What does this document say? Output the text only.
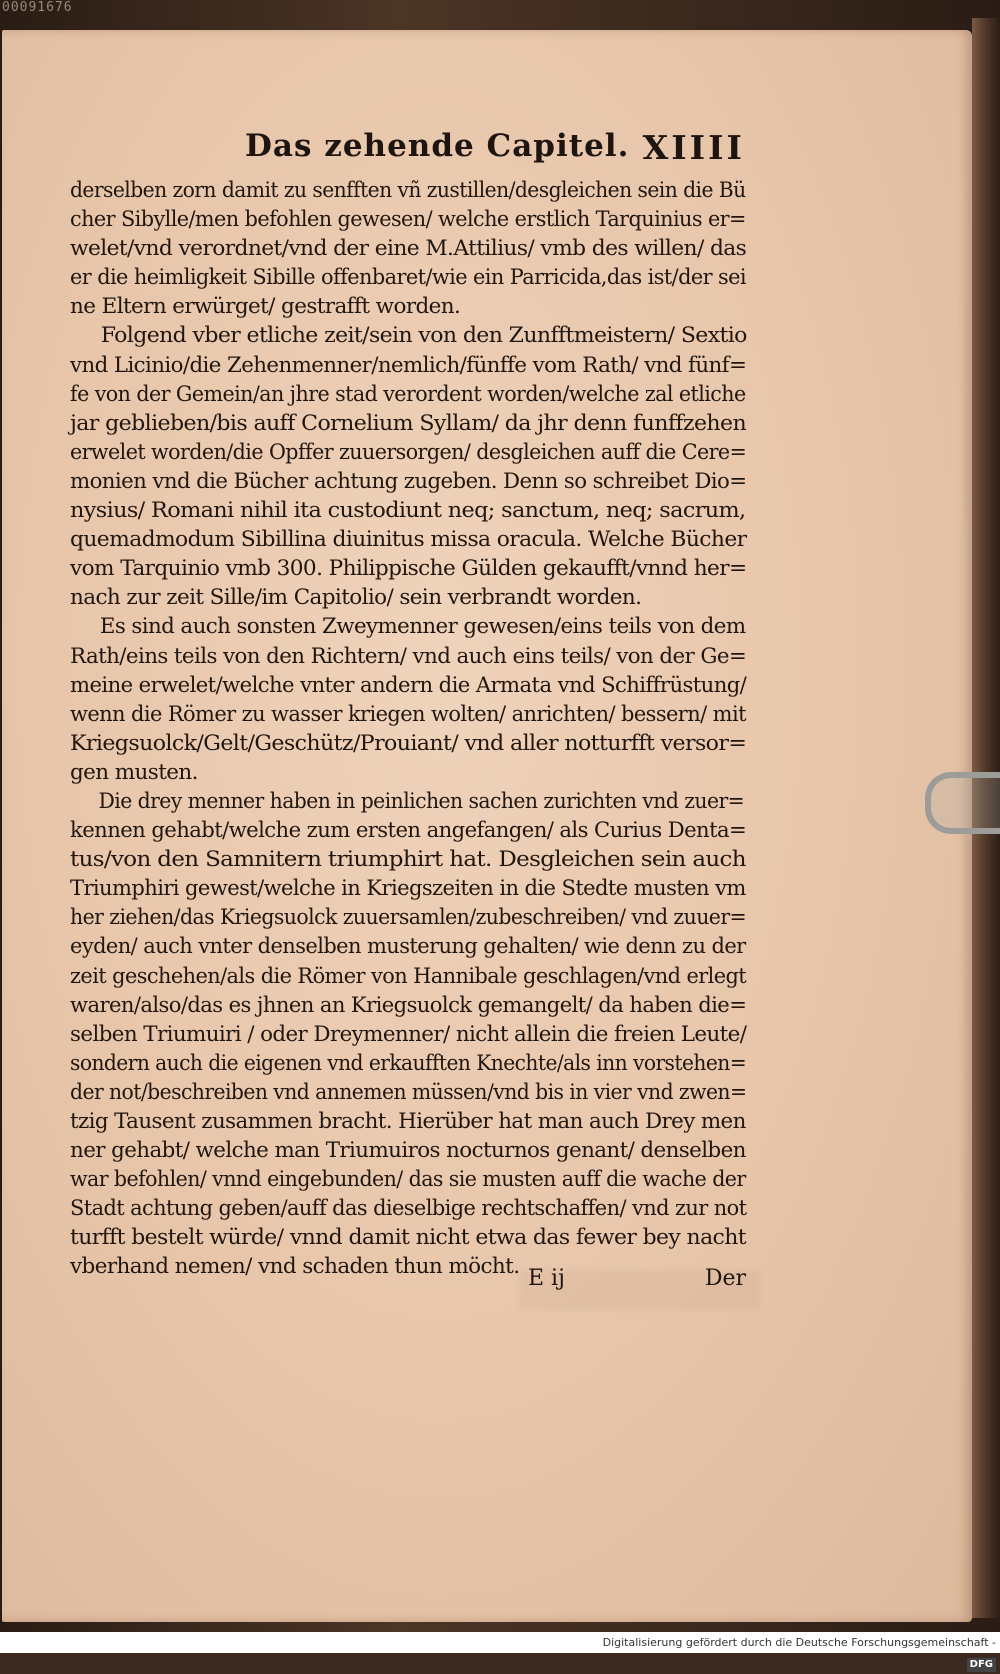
00091676
Das zehende Capitel. XIIII
derselben zorn damit zu senfften vñ zustillen/desgleichen sein die Bü
cher Sibylle/men befohlen gewesen/ welche erstlich Tarquinius er=
welet/vnd verordnet/vnd der eine M.Attilius/ vmb des willen/ das
er die heimligkeit Sibille offenbaret/wie ein Parricida,das ist/der sei
ne Eltern erwürget/ gestrafft worden.
Folgend vber etliche zeit/sein von den Zunfftmeistern/ Sextio
vnd Licinio/die Zehenmenner/nemlich/fünffe vom Rath/ vnd fünf=
fe von der Gemein/an jhre stad verordent worden/welche zal etliche
jar geblieben/bis auff Cornelium Syllam/ da jhr denn funffzehen
erwelet worden/die Opffer zuuersorgen/ desgleichen auff die Cere=
monien vnd die Bücher achtung zugeben. Denn so schreibet Dio=
nysius/ Romani nihil ita custodiunt neq; sanctum, neq; sacrum,
quemadmodum Sibillina diuinitus missa oracula. Welche Bücher
vom Tarquinio vmb 300. Philippische Gülden gekaufft/vnnd her=
nach zur zeit Sille/im Capitolio/ sein verbrandt worden.
Es sind auch sonsten Zweymenner gewesen/eins teils von dem
Rath/eins teils von den Richtern/ vnd auch eins teils/ von der Ge=
meine erwelet/welche vnter andern die Armata vnd Schiffrüstung/
wenn die Römer zu wasser kriegen wolten/ anrichten/ bessern/ mit
Kriegsuolck/Gelt/Geschütz/Prouiant/ vnd aller notturfft versor=
gen musten.
Die drey menner haben in peinlichen sachen zurichten vnd zuer=
kennen gehabt/welche zum ersten angefangen/ als Curius Denta=
tus/von den Samnitern triumphirt hat. Desgleichen sein auch
Triumphiri gewest/welche in Kriegszeiten in die Stedte musten vm
her ziehen/das Kriegsuolck zuuersamlen/zubeschreiben/ vnd zuuer=
eyden/ auch vnter denselben musterung gehalten/ wie denn zu der
zeit geschehen/als die Römer von Hannibale geschlagen/vnd erlegt
waren/also/das es jhnen an Kriegsuolck gemangelt/ da haben die=
selben Triumuiri / oder Dreymenner/ nicht allein die freien Leute/
sondern auch die eigenen vnd erkaufften Knechte/als inn vorstehen=
der not/beschreiben vnd annemen müssen/vnd bis in vier vnd zwen=
tzig Tausent zusammen bracht. Hierüber hat man auch Drey men
ner gehabt/ welche man Triumuiros nocturnos genant/ denselben
war befohlen/ vnnd eingebunden/ das sie musten auff die wache der
Stadt achtung geben/auff das dieselbige rechtschaffen/ vnd zur not
turfft bestelt würde/ vnnd damit nicht etwa das fewer bey nacht
vberhand nemen/ vnd schaden thun möcht. E ij	Der
Digitalisierung gefördert durch die Deutsche Forschungsgemeinschaft -DFG
